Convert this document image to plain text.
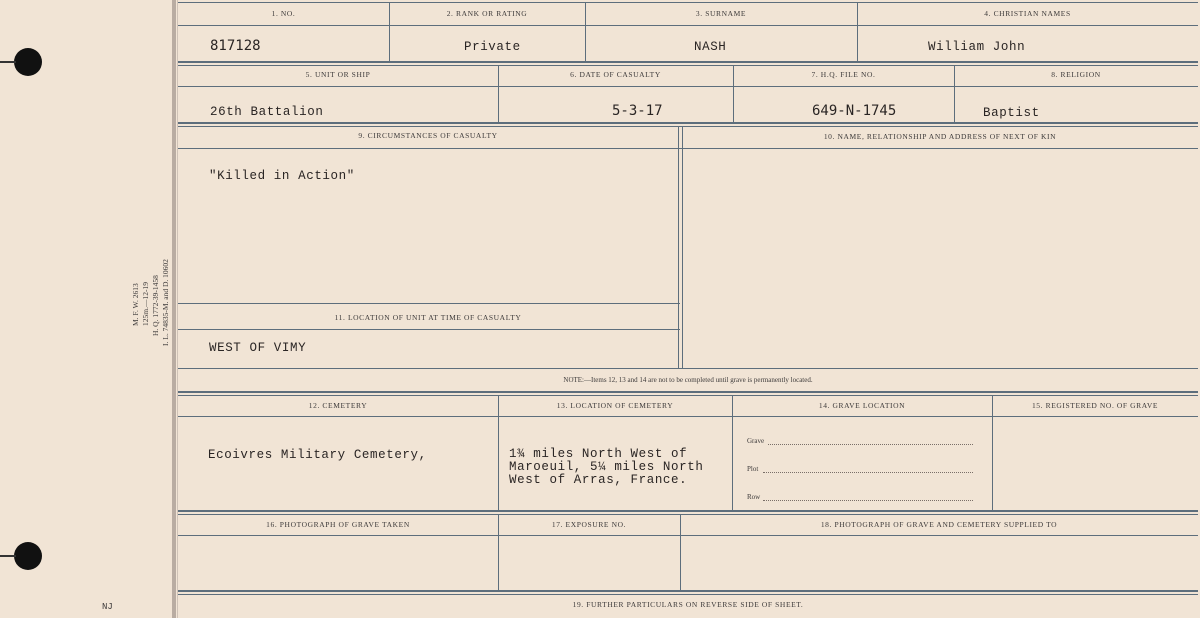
M. F. W. 2613 125m.—12-19 H. Q. 1772-39-1458 I. L. 74835-M. and D. 10602
NJ
1. NO.	2. RANK OR RATING	3. SURNAME	4. CHRISTIAN NAMES
817128	Private	NASH	William John
5. UNIT OR SHIP	6. DATE OF CASUALTY	7. H.Q. FILE NO.	8. RELIGION
26th Battalion	5-3-17	649-N-1745	Baptist
9. CIRCUMSTANCES OF CASUALTY	10. NAME, RELATIONSHIP AND ADDRESS OF NEXT OF KIN
"Killed in Action"
11. LOCATION OF UNIT AT TIME OF CASUALTY
WEST OF VIMY
NOTE:—Items 12, 13 and 14 are not to be completed until grave is permanently located.
12. CEMETERY	13. LOCATION OF CEMETERY	14. GRAVE LOCATION	15. REGISTERED NO. OF GRAVE
Ecoivres Military Cemetery,	1¾ miles North West of
Maroeuil, 5¼ miles North
West of Arras, France.
Grave
Plot
Row
16. PHOTOGRAPH OF GRAVE TAKEN	17. EXPOSURE NO.	18. PHOTOGRAPH OF GRAVE AND CEMETERY SUPPLIED TO
19. FURTHER PARTICULARS ON REVERSE SIDE OF SHEET.
